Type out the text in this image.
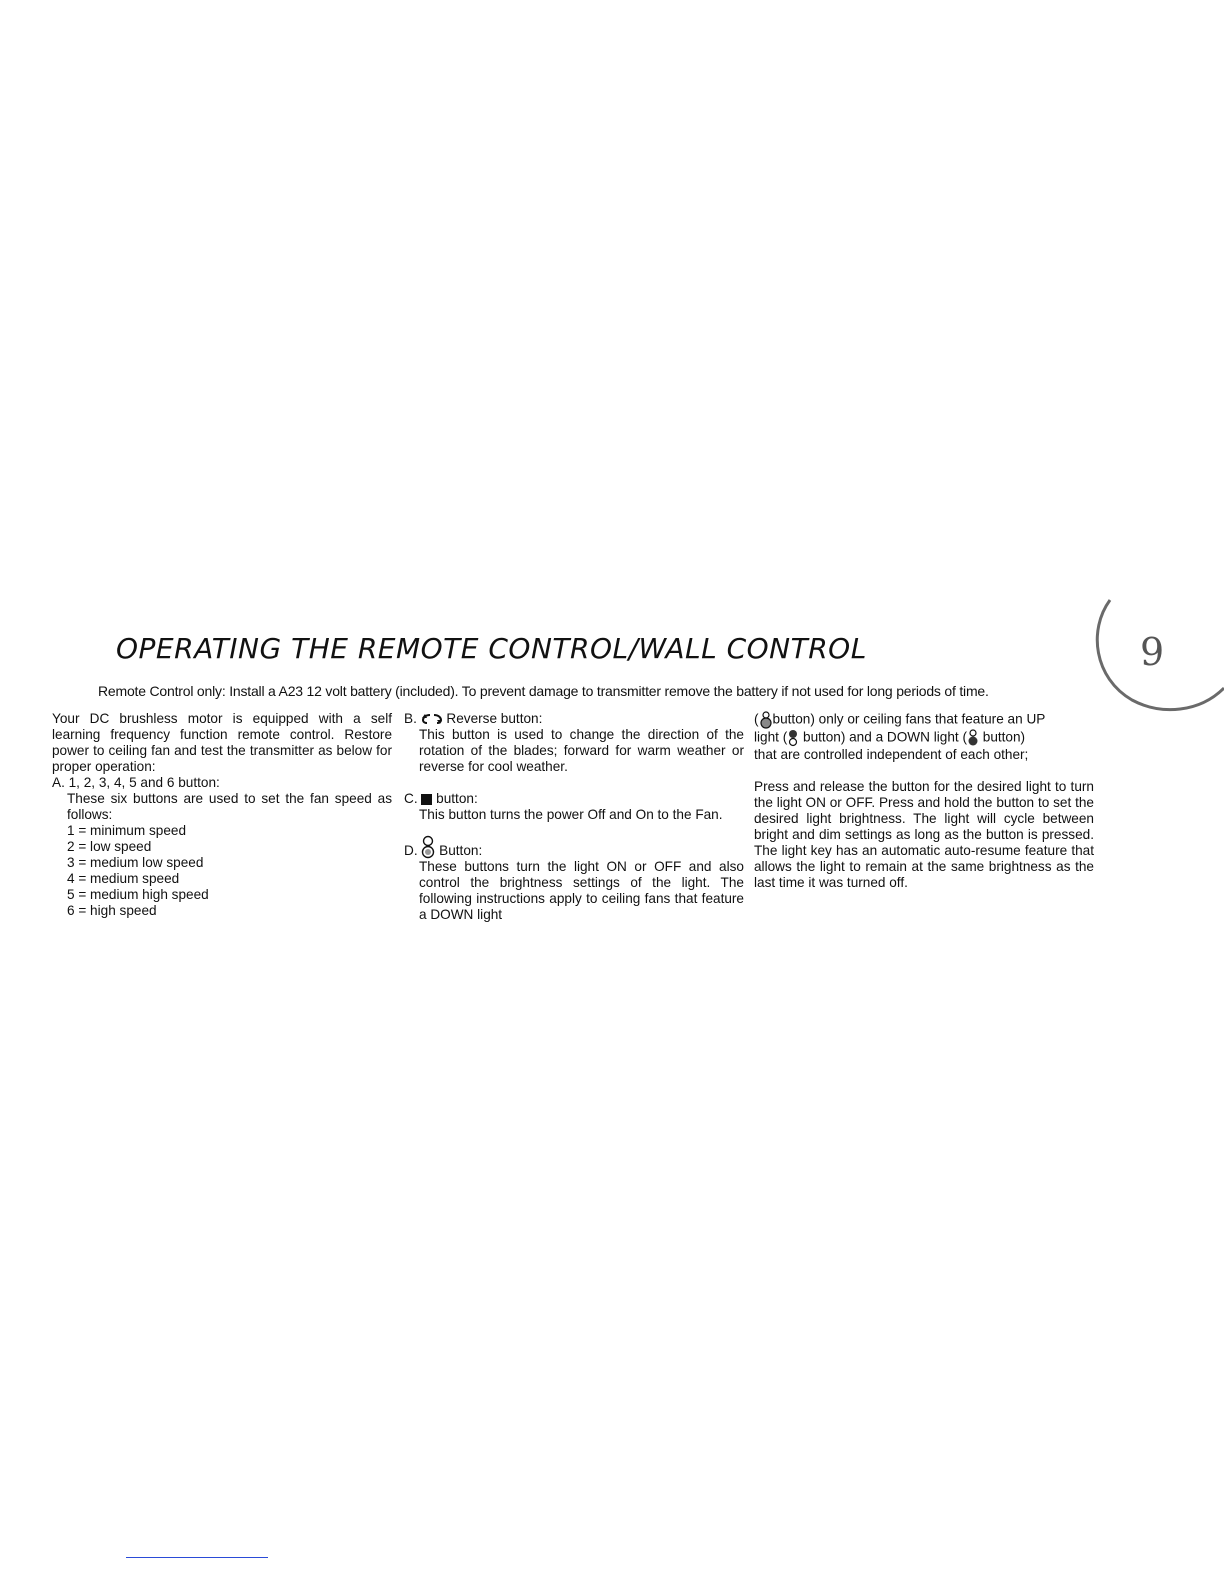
OPERATING THE REMOTE CONTROL/WALL CONTROL	9
Remote Control only: Install a A23 12 volt battery (included). To prevent damage to transmitter remove the battery if not used for long periods of time.

Your DC brushless motor is equipped with a self learning frequency function remote control. Restore power to ceiling fan and test the transmitter as below for proper operation:

A. 1, 2, 3, 4, 5 and 6 button:

These six buttons are used to set the fan speed as follows:

1 = minimum speed
2 = low speed
3 = medium low speed
4 = medium speed
5 = medium high speed
6 = high speed

B. Reverse button:

This button is used to change the direction of the rotation of the blades; forward for warm weather or reverse for cool weather.

C. button:

This button turns the power Off and On to the Fan.

D. Button:

These buttons turn the light ON or OFF and also control the brightness settings of the light. The following instructions apply to ceiling fans that feature a DOWN light

( button) only or ceiling fans that feature an UP

light ( button) and a DOWN light ( button)

that are controlled independent of each other;

Press and release the button for the desired light to turn the light ON or OFF. Press and hold the button to set the desired light brightness. The light will cycle between bright and dim settings as long as the button is pressed. The light key has an automatic auto-resume feature that allows the light to remain at the same brightness as the last time it was turned off.
